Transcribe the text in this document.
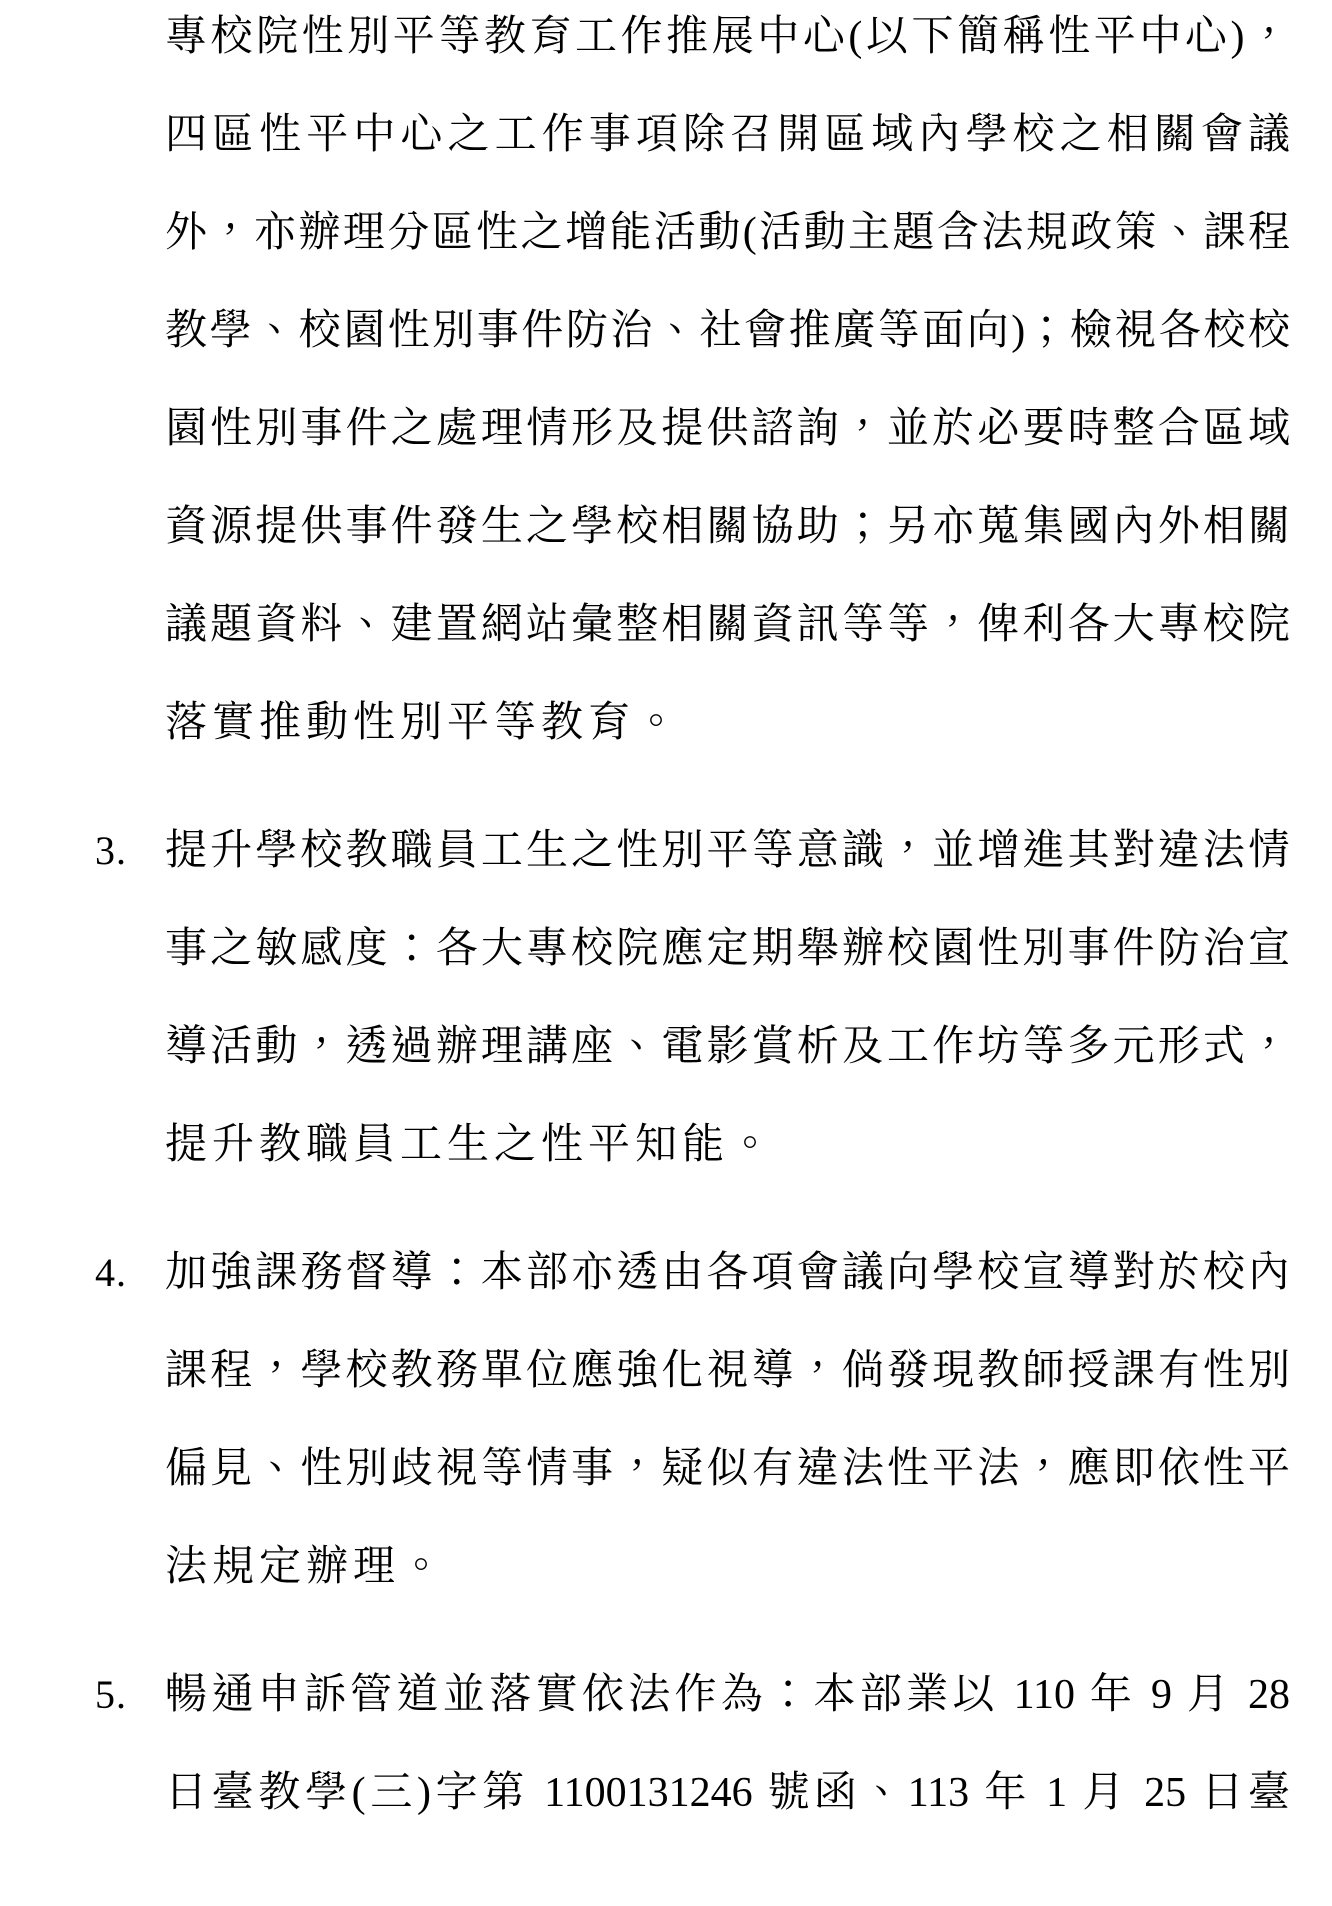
專校院性別平等教育工作推展中心(以下簡稱性平中心)，
四區性平中心之工作事項除召開區域內學校之相關會議
外，亦辦理分區性之增能活動(活動主題含法規政策、課程
教學、校園性別事件防治、社會推廣等面向)；檢視各校校
園性別事件之處理情形及提供諮詢，並於必要時整合區域
資源提供事件發生之學校相關協助；另亦蒐集國內外相關
議題資料、建置網站彙整相關資訊等等，俾利各大專校院
落實推動性別平等教育。
3. 提升學校教職員工生之性別平等意識，並增進其對違法情
事之敏感度：各大專校院應定期舉辦校園性別事件防治宣
導活動，透過辦理講座、電影賞析及工作坊等多元形式，
提升教職員工生之性平知能。
4. 加強課務督導：本部亦透由各項會議向學校宣導對於校內
課程，學校教務單位應強化視導，倘發現教師授課有性別
偏見、性別歧視等情事，疑似有違法性平法，應即依性平
法規定辦理。
5. 暢通申訴管道並落實依法作為：本部業以 110 年 9 月 28
日臺教學(三)字第 1100131246 號函、113 年 1 月 25 日臺
